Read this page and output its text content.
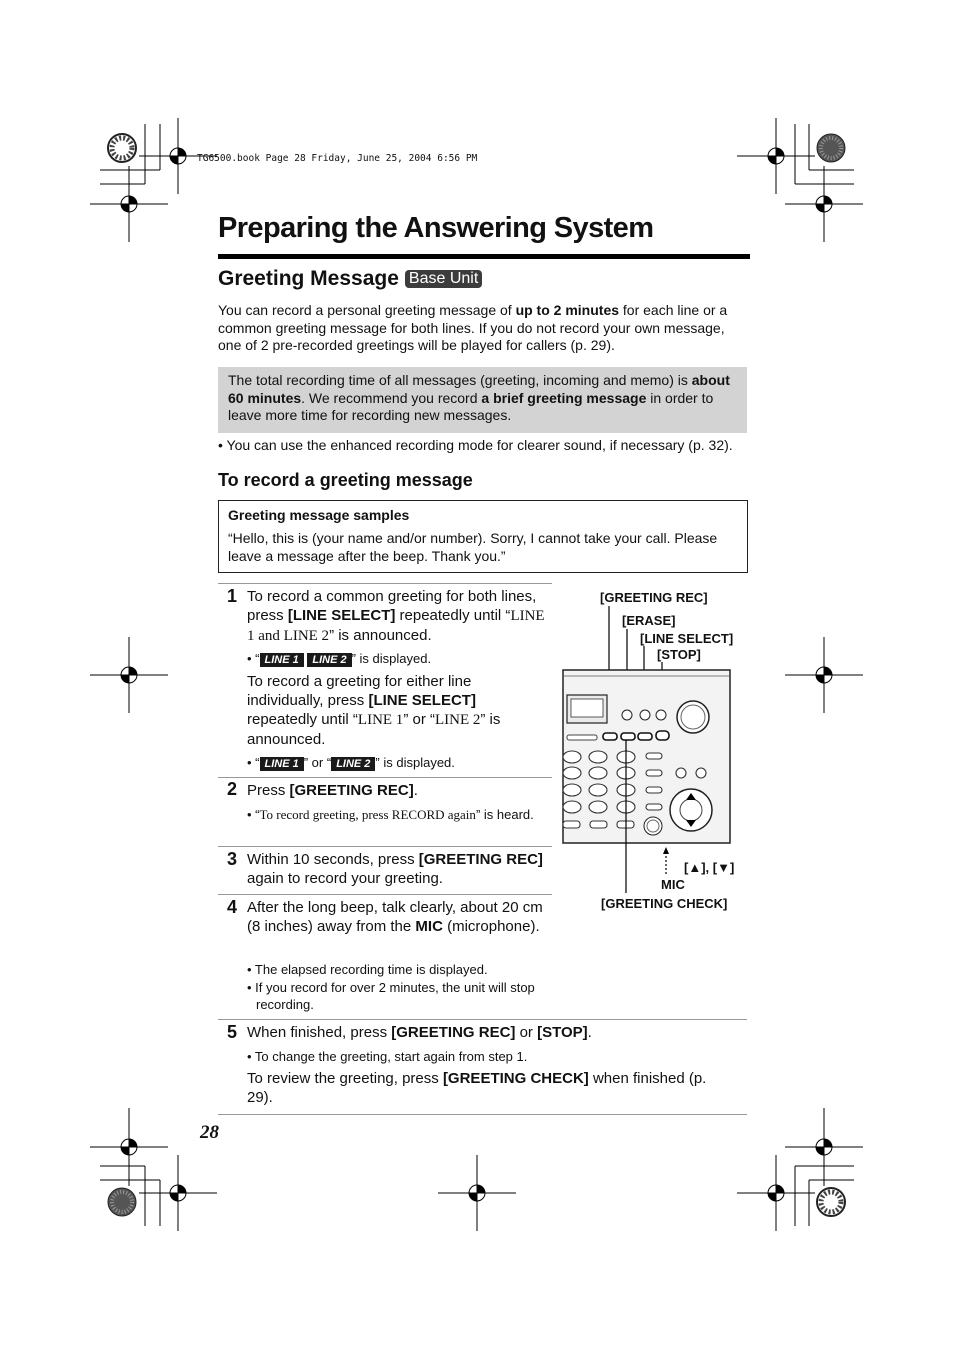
TG6500.book Page 28 Friday, June 25, 2004 6:56 PM
Preparing the Answering System
Greeting Message Base Unit
You can record a personal greeting message of up to 2 minutes for each line or a common greeting message for both lines. If you do not record your own message, one of 2 pre-recorded greetings will be played for callers (p. 29).
The total recording time of all messages (greeting, incoming and memo) is about 60 minutes. We recommend you record a brief greeting message in order to leave more time for recording new messages.
• You can use the enhanced recording mode for clearer sound, if necessary (p. 32).
To record a greeting message
Greeting message samples
“Hello, this is (your name and/or number). Sorry, I cannot take your call. Please leave a message after the beep. Thank you.”
1 To record a common greeting for both lines, press [LINE SELECT] repeatedly until “LINE 1 and LINE 2” is announced.
• “ LINE 1 LINE 2 ” is displayed.
To record a greeting for either line individually, press [LINE SELECT] repeatedly until “LINE 1” or “LINE 2” is announced.
• “ LINE 1 ” or “ LINE 2 ” is displayed.
2 Press [GREETING REC].
• “To record greeting, press RECORD again” is heard.
3 Within 10 seconds, press [GREETING REC] again to record your greeting.
4 After the long beep, talk clearly, about 20 cm (8 inches) away from the MIC (microphone).
• The elapsed recording time is displayed.
• If you record for over 2 minutes, the unit will stop recording.
5 When finished, press [GREETING REC] or [STOP].
• To change the greeting, start again from step 1.
To review the greeting, press [GREETING CHECK] when finished (p. 29).
[GREETING REC]
[ERASE]
[LINE SELECT]
[STOP]
[▲], [▼]
MIC
[GREETING CHECK]
28
